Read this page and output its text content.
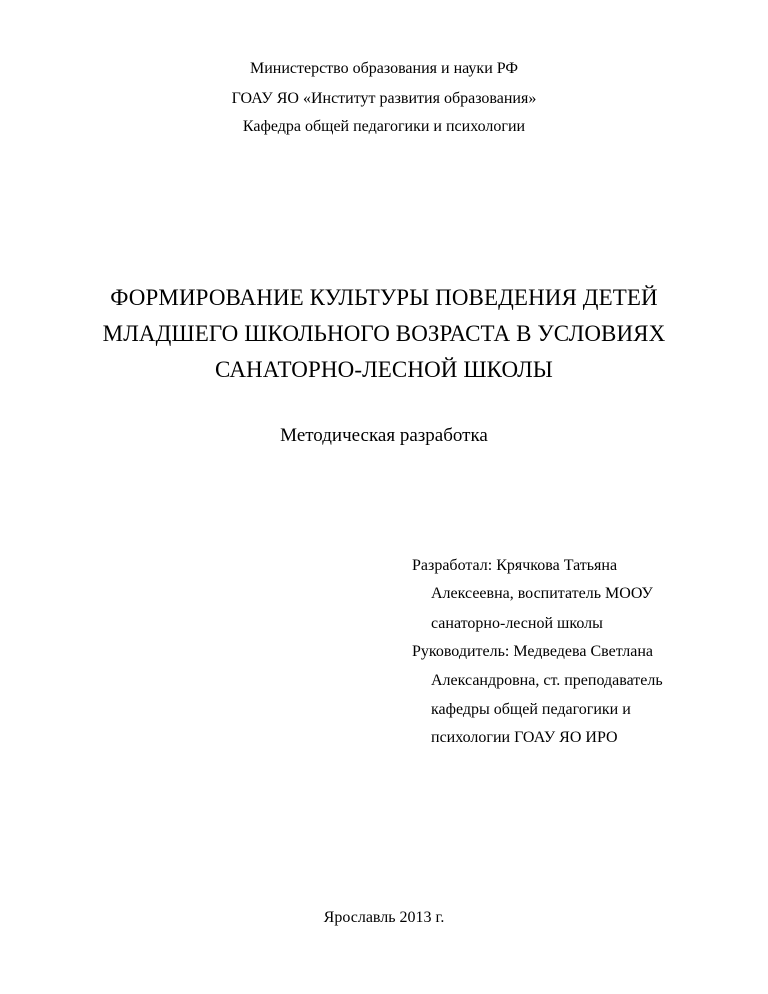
Министерство образования и науки РФ
ГОАУ ЯО «Институт развития образования»
Кафедра общей педагогики и психологии
ФОРМИРОВАНИЕ КУЛЬТУРЫ ПОВЕДЕНИЯ ДЕТЕЙ
МЛАДШЕГО ШКОЛЬНОГО ВОЗРАСТА В УСЛОВИЯХ
САНАТОРНО-ЛЕСНОЙ ШКОЛЫ
Методическая разработка
Разработал: Крячкова Татьяна
Алексеевна, воспитатель МООУ
санаторно-лесной школы
Руководитель: Медведева Светлана
Александровна, ст. преподаватель
кафедры общей педагогики и
психологии ГОАУ ЯО ИРО
Ярославль 2013 г.
